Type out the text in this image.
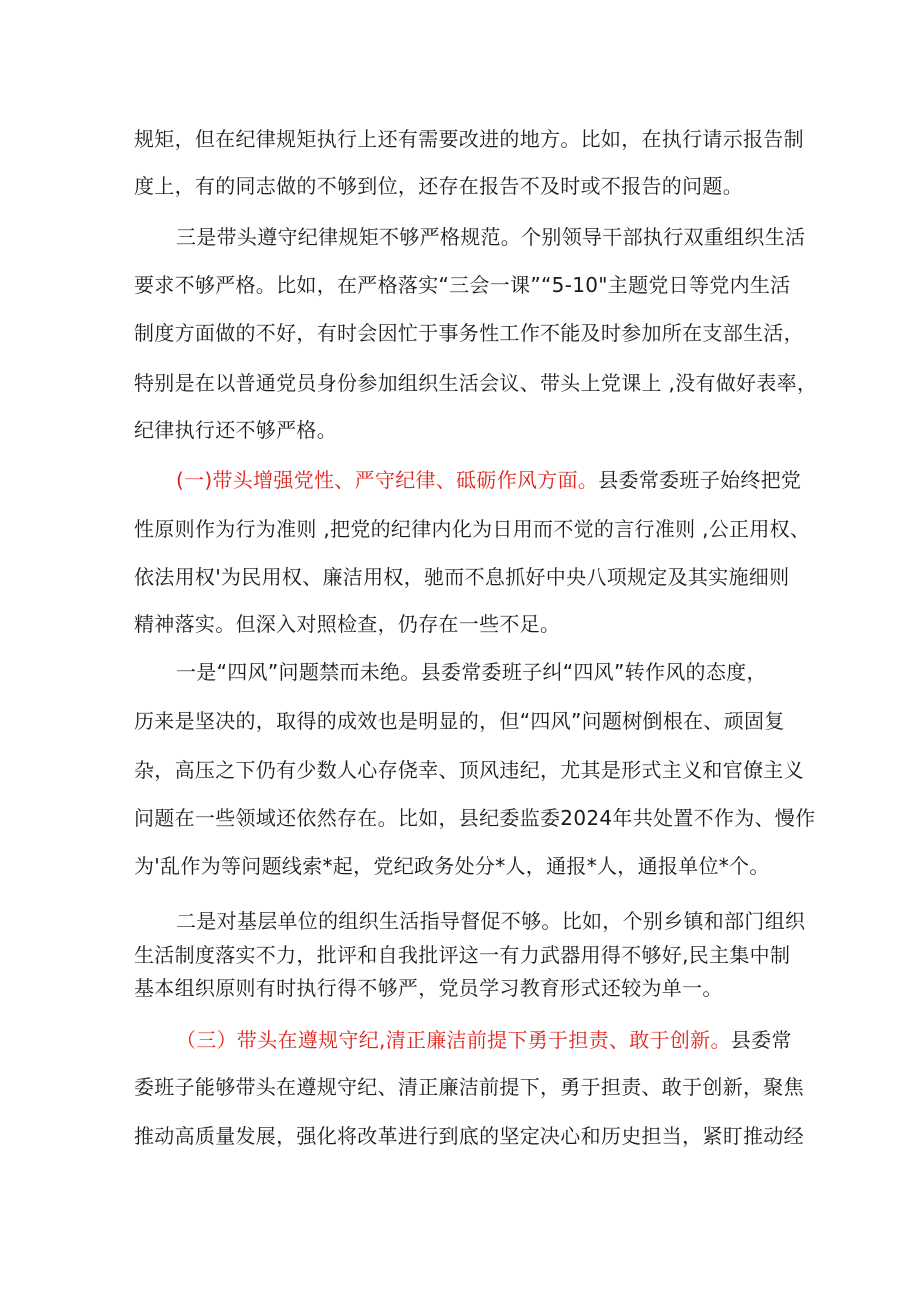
规矩，但在纪律规矩执行上还有需要改进的地方。比如，在执行请示报告制
度上，有的同志做的不够到位，还存在报告不及时或不报告的问题。
三是带头遵守纪律规矩不够严格规范。个别领导干部执行双重组织生活
要求不够严格。比如，在严格落实“三会一课”“5-10"主题党日等党内生活
制度方面做的不好，有时会因忙于事务性工作不能及时参加所在支部生活，
特别是在以普通党员身份参加组织生活会议、带头上党课上 ,没有做好表率，
纪律执行还不够严格。
(一)带头增强党性、严守纪律、砥砺作风方面。县委常委班子始终把党
性原则作为行为准则 ,把党的纪律内化为日用而不觉的言行准则 ,公正用权、
依法用权'为民用权、廉洁用权，驰而不息抓好中央八项规定及其实施细则
精神落实。但深入对照检查，仍存在一些不足。
一是“四风”问题禁而未绝。县委常委班子纠“四风”转作风的态度，
历来是坚决的，取得的成效也是明显的，但“四风”问题树倒根在、顽固复
杂，高压之下仍有少数人心存侥幸、顶风违纪，尤其是形式主义和官僚主义
问题在一些领域还依然存在。比如，县纪委监委2024年共处置不作为、慢作
为'乱作为等问题线索*起，党纪政务处分*人，通报*人，通报单位*个。
二是对基层单位的组织生活指导督促不够。比如，个别乡镇和部门组织
生活制度落实不力，批评和自我批评这一有力武器用得不够好,民主集中制
基本组织原则有时执行得不够严，党员学习教育形式还较为单一。
（三）带头在遵规守纪,清正廉洁前提下勇于担责、敢于创新。县委常
委班子能够带头在遵规守纪、清正廉洁前提下，勇于担责、敢于创新，聚焦
推动高质量发展，强化将改革进行到底的坚定决心和历史担当，紧盯推动经
